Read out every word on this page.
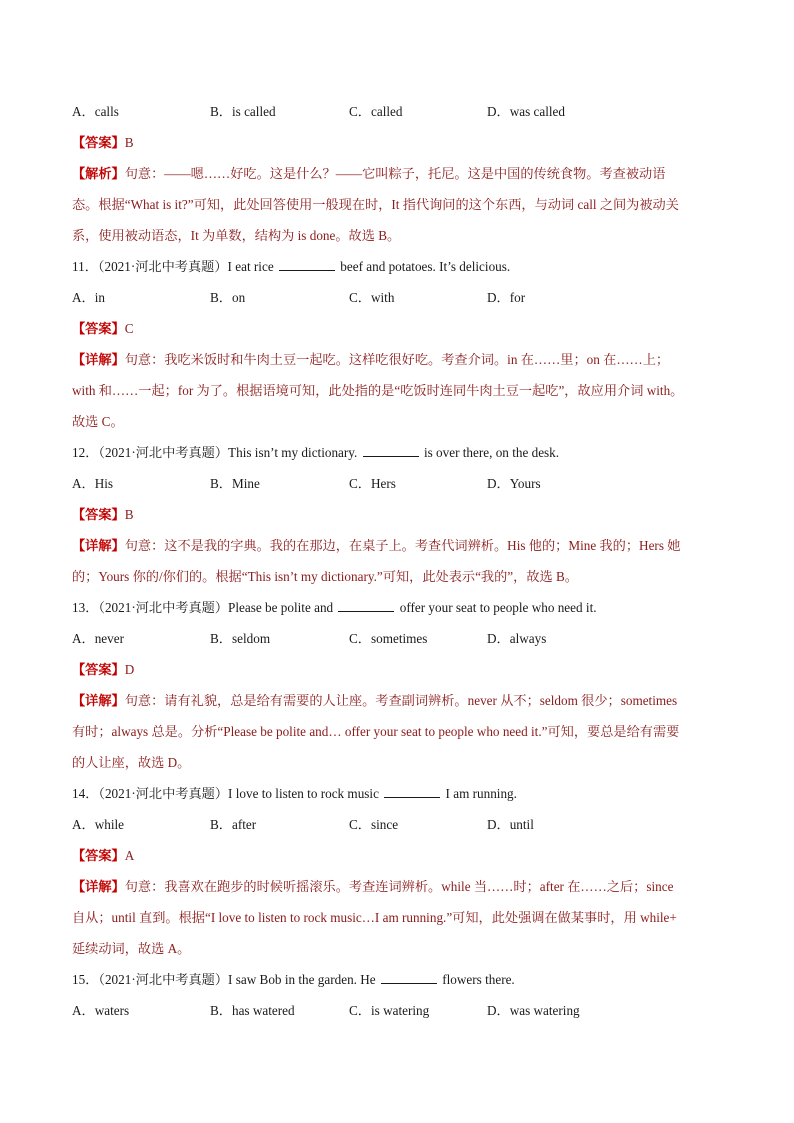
A．calls	B．is called	C．called	D．was called
【答案】B
【解析】句意：——嗯……好吃。这是什么？——它叫粽子，托尼。这是中国的传统食物。考查被动语
态。根据“What is it?”可知，此处回答使用一般现在时，It 指代询问的这个东西，与动词 call 之间为被动关
系，使用被动语态，It 为单数，结构为 is done。故选 B。
11．（2021·河北中考真题）I eat rice	beef and potatoes. It’s delicious.
A．in	B．on	C．with	D．for
【答案】C
【详解】句意：我吃米饭时和牛肉土豆一起吃。这样吃很好吃。考查介词。in 在……里；on 在……上；
with 和……一起；for 为了。根据语境可知，此处指的是“吃饭时连同牛肉土豆一起吃”，故应用介词 with。
故选 C。
12．（2021·河北中考真题）This isn’t my dictionary.	is over there, on the desk.
A．His	B．Mine	C．Hers	D．Yours
【答案】B
【详解】句意：这不是我的字典。我的在那边，在桌子上。考查代词辨析。His 他的；Mine 我的；Hers 她
的；Yours 你的/你们的。根据“This isn’t my dictionary.”可知，此处表示“我的”，故选 B。
13．（2021·河北中考真题）Please be polite and	offer your seat to people who need it.
A．never	B．seldom	C．sometimes	D．always
【答案】D
【详解】句意：请有礼貌，总是给有需要的人让座。考查副词辨析。never 从不；seldom 很少；sometimes
有时；always 总是。分析“Please be polite and… offer your seat to people who need it.”可知，要总是给有需要
的人让座，故选 D。
14．（2021·河北中考真题）I love to listen to rock music	I am running.
A．while	B．after	C．since	D．until
【答案】A
【详解】句意：我喜欢在跑步的时候听摇滚乐。考查连词辨析。while 当……时；after 在……之后；since
自从；until 直到。根据“I love to listen to rock music…I am running.”可知，此处强调在做某事时，用 while+
延续动词，故选 A。
15．（2021·河北中考真题）I saw Bob in the garden. He	flowers there.
A．waters	B．has watered	C．is watering	D．was watering
